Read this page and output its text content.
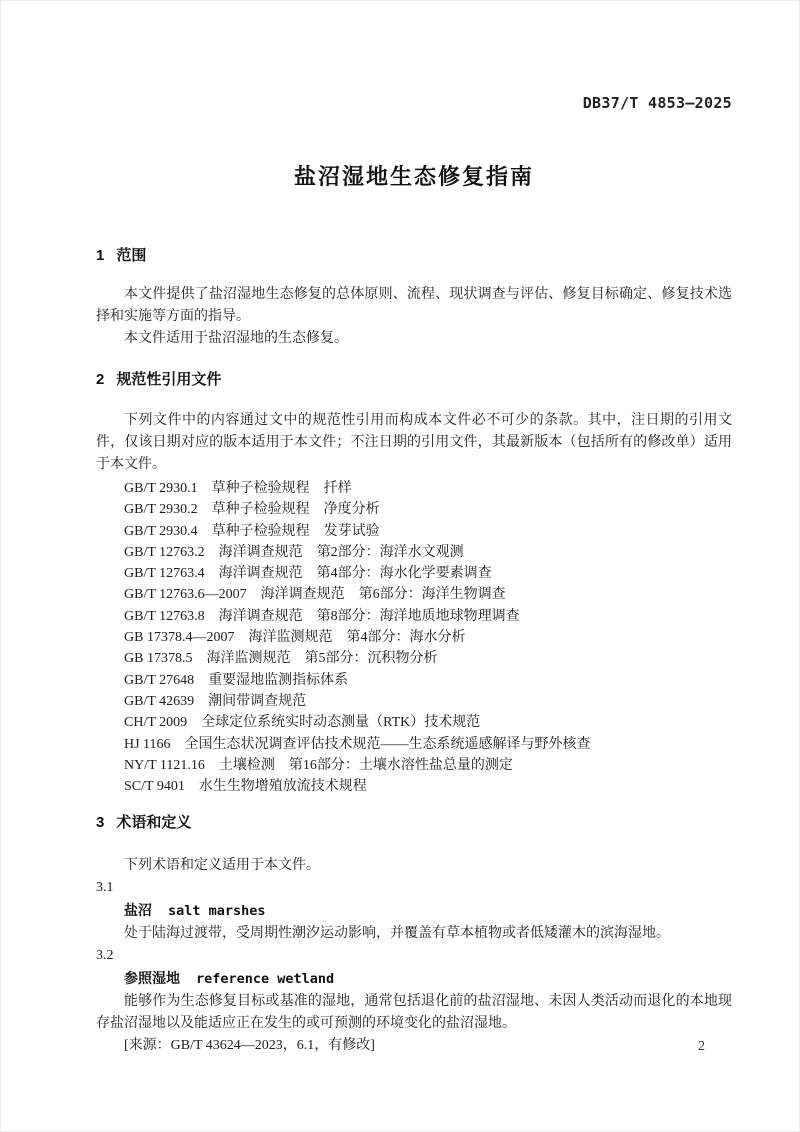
DB37/T 4853—2025
盐沼湿地生态修复指南
1 范围

本文件提供了盐沼湿地生态修复的总体原则、流程、现状调查与评估、修复目标确定、修复技术选择和实施等方面的指导。

本文件适用于盐沼湿地的生态修复。

2 规范性引用文件

下列文件中的内容通过文中的规范性引用而构成本文件必不可少的条款。其中，注日期的引用文件，仅该日期对应的版本适用于本文件；不注日期的引用文件，其最新版本（包括所有的修改单）适用于本文件。

GB/T 2930.1　草种子检验规程　扦样
GB/T 2930.2　草种子检验规程　净度分析
GB/T 2930.4　草种子检验规程　发芽试验
GB/T 12763.2　海洋调查规范　第2部分：海洋水文观测
GB/T 12763.4　海洋调查规范　第4部分：海水化学要素调查
GB/T 12763.6—2007　海洋调查规范　第6部分：海洋生物调查
GB/T 12763.8　海洋调查规范　第8部分：海洋地质地球物理调查
GB 17378.4—2007　海洋监测规范　第4部分：海水分析
GB 17378.5　海洋监测规范　第5部分：沉积物分析
GB/T 27648　重要湿地监测指标体系
GB/T 42639　潮间带调查规范
CH/T 2009　全球定位系统实时动态测量（RTK）技术规范
HJ 1166　全国生态状况调查评估技术规范——生态系统遥感解译与野外核查
NY/T 1121.16　土壤检测　第16部分：土壤水溶性盐总量的测定
SC/T 9401　水生生物增殖放流技术规程
3 术语和定义

下列术语和定义适用于本文件。

3.1
盐沼 salt marshes

处于陆海过渡带，受周期性潮汐运动影响，并覆盖有草本植物或者低矮灌木的滨海湿地。

3.2
参照湿地 reference wetland

能够作为生态修复目标或基准的湿地，通常包括退化前的盐沼湿地、未因人类活动而退化的本地现存盐沼湿地以及能适应正在发生的或可预测的环境变化的盐沼湿地。

[来源：GB/T 43624—2023，6.1，有修改]	2
